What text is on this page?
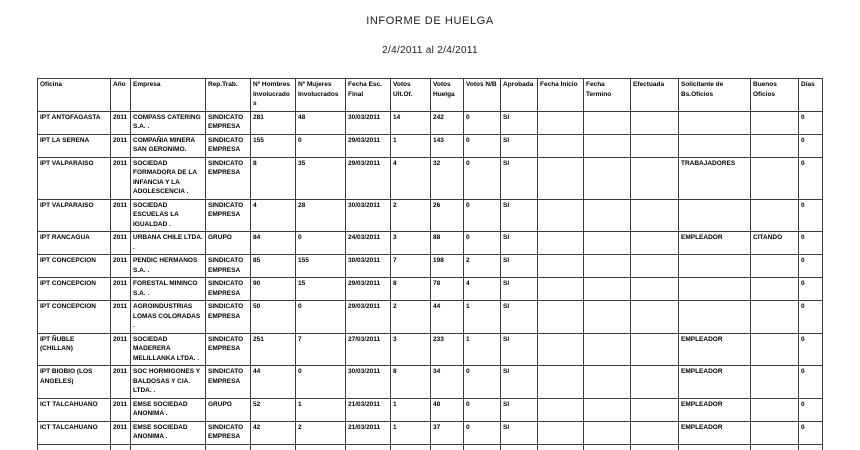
INFORME DE HUELGA
2/4/2011 al 2/4/2011
Oficina	Año	Empresa	Rep.Trab.	Nº Hombres Involucrados	Nº Mujeres Involucrados	Fecha Esc. Final	Votos Ult.Of.	Votos Huelga	Votos N/B	Aprobada	Fecha Inicio	Fecha Termino	Efectuada	Solicitante de Bs.Oficios	Buenos Oficios	Días
IPT ANTOFAGASTA	2011	COMPASS CATERING S.A. .	SINDICATO EMPRESA	281	48	30/03/2011	14	242	0	SI						0
IPT LA SERENA	2011	COMPAÑIA MINERA SAN GERONIMO.	SINDICATO EMPRESA	155	0	29/03/2011	1	143	0	SI						0
IPT VALPARAISO	2011	SOCIEDAD FORMADORA DE LA INFANCIA Y LA ADOLESCENCIA .	SINDICATO EMPRESA	8	35	29/03/2011	4	32	0	SI				TRABAJADORES		0
IPT VALPARAISO	2011	SOCIEDAD ESCUELAS LA IGUALDAD .	SINDICATO EMPRESA	4	28	30/03/2011	2	26	0	SI						0
IPT RANCAGUA	2011	URBANA CHILE LTDA. .	GRUPO	84	0	24/03/2011	3	88	0	SI				EMPLEADOR	CITANDO	0
IPT CONCEPCION	2011	PENDIC HERMANOS S.A. .	SINDICATO EMPRESA	85	155	30/03/2011	7	198	2	SI						0
IPT CONCEPCION	2011	FORESTAL MININCO S.A. .	SINDICATO EMPRESA	90	15	29/03/2011	8	78	4	SI						0
IPT CONCEPCION	2011	AGROINDUSTRIAS LOMAS COLORADAS .	SINDICATO EMPRESA	50	0	29/03/2011	2	44	1	SI						0
IPT ÑUBLE (CHILLAN)	2011	SOCIEDAD MADERERA MELILLANKA LTDA. .	SINDICATO EMPRESA	251	7	27/03/2011	3	233	1	SI				EMPLEADOR		0
IPT BIOBIO (LOS ANGELES)	2011	SOC HORMIGONES Y BALDOSAS Y CIA. LTDA. .	SINDICATO EMPRESA	44	0	30/03/2011	8	34	0	SI				EMPLEADOR		0
ICT TALCAHUANO	2011	EMSE SOCIEDAD ANONIMA .	GRUPO	52	1	21/03/2011	1	48	0	SI				EMPLEADOR		0
ICT TALCAHUANO	2011	EMSE SOCIEDAD ANONIMA .	SINDICATO EMPRESA	42	2	21/03/2011	1	37	0	SI				EMPLEADOR		0
